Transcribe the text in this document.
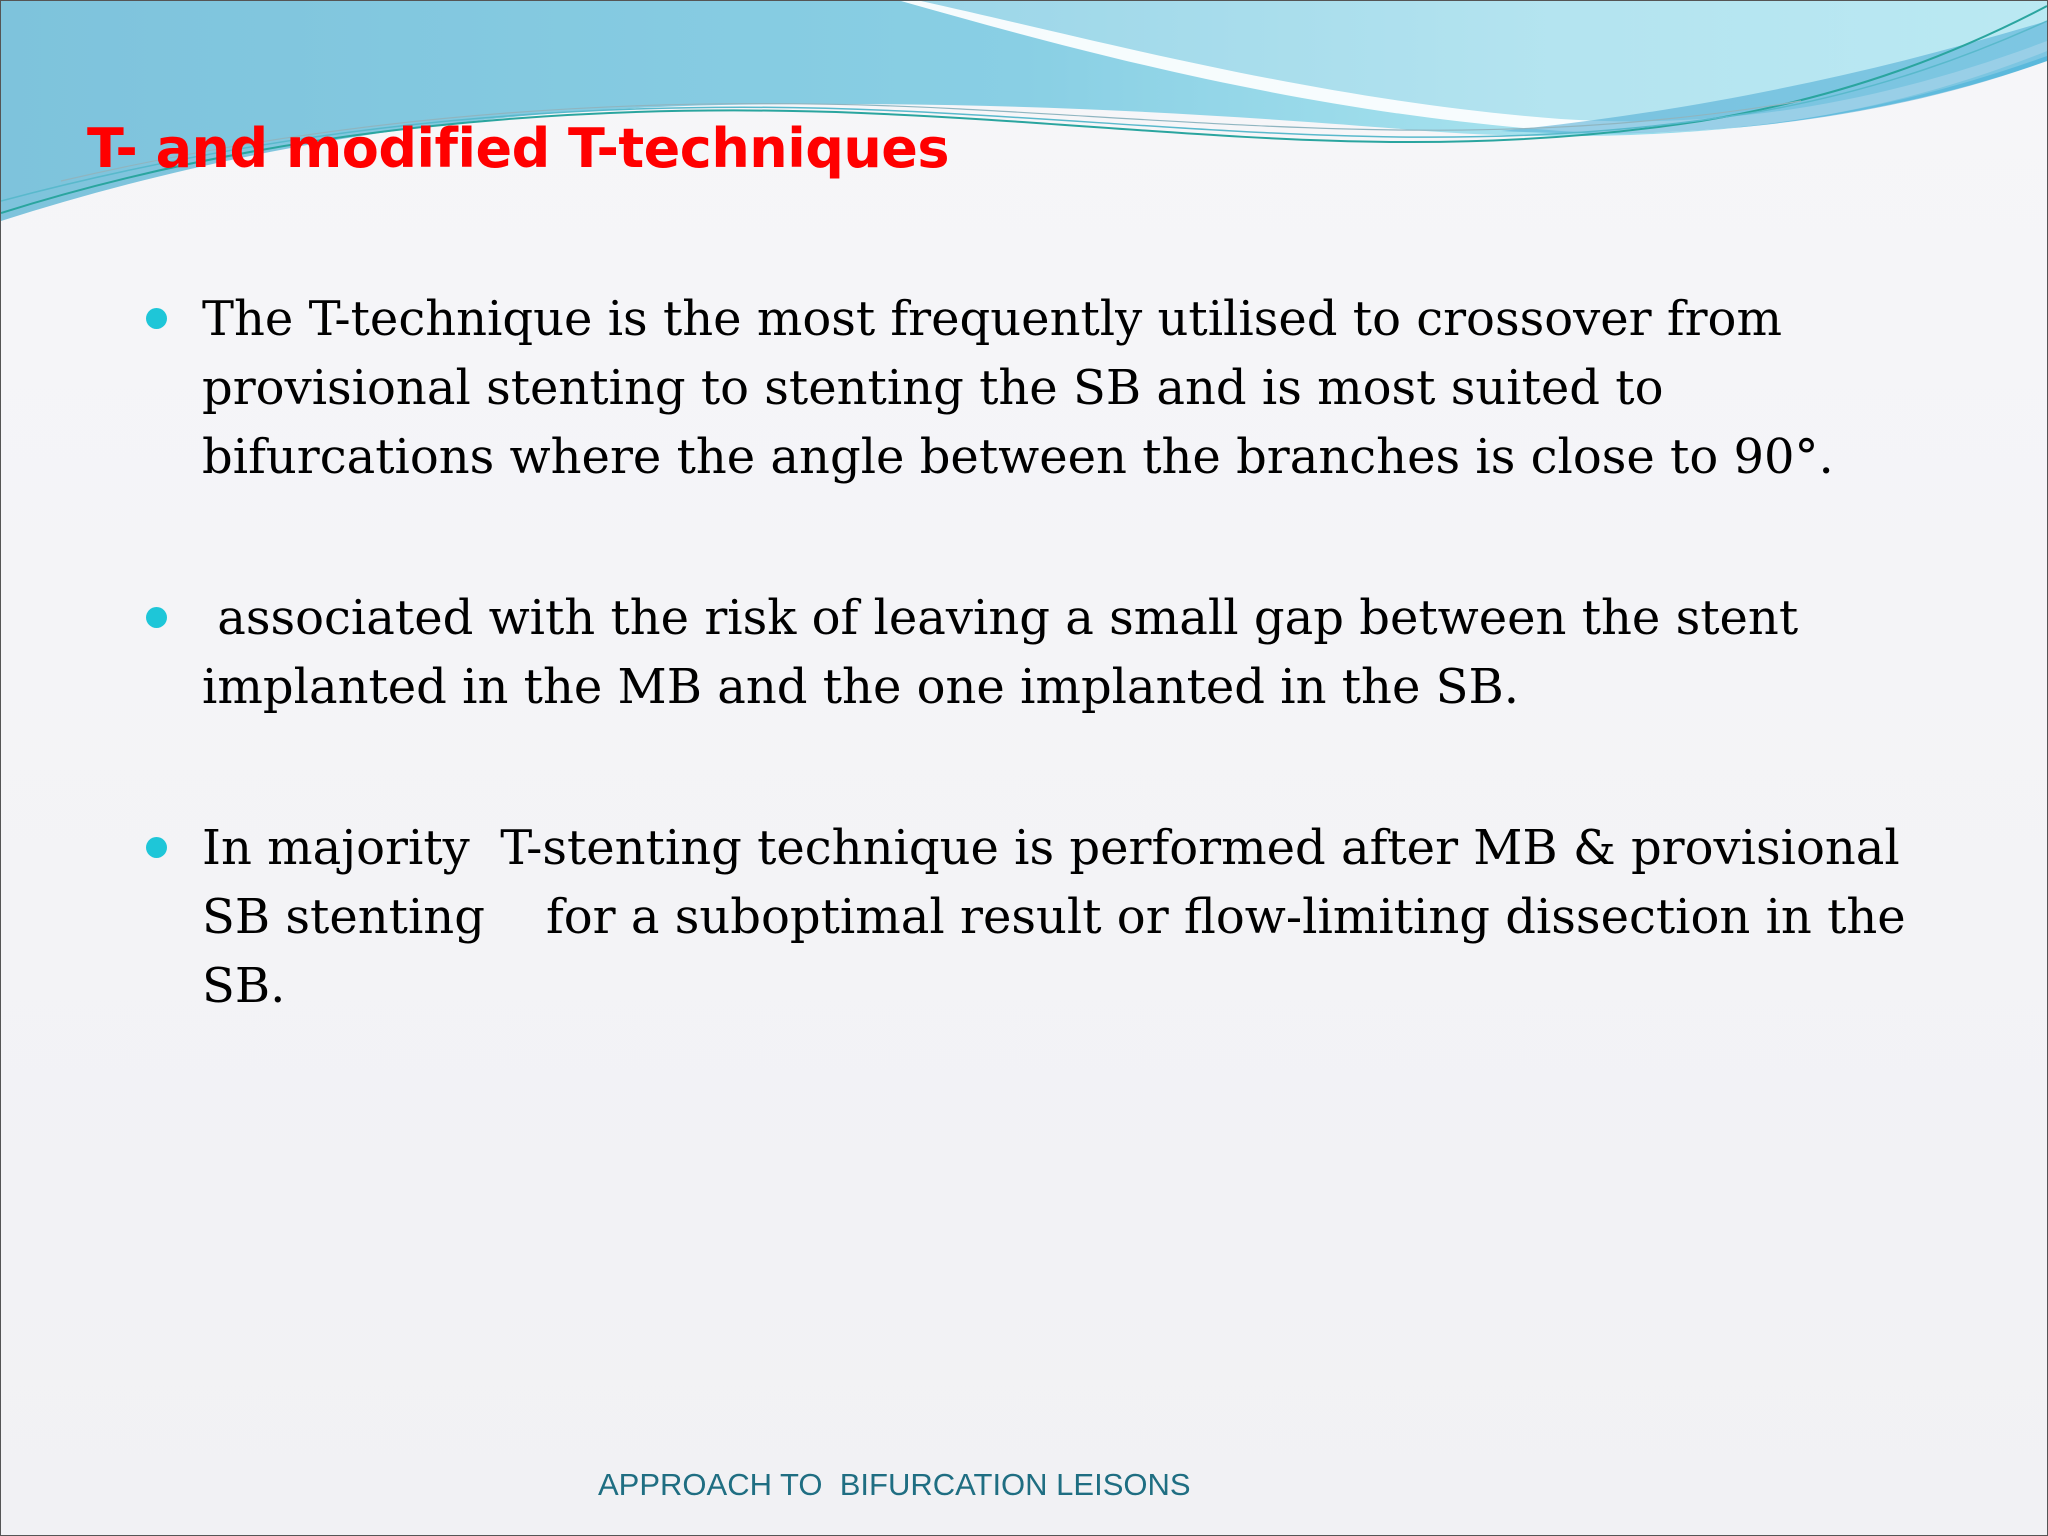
T- and modified T-techniques
The T-technique is the most frequently utilised to crossover from provisional stenting to stenting the SB and is most suited to bifurcations where the angle between the branches is close to 90°.
associated with the risk of leaving a small gap between the stent implanted in the MB and the one implanted in the SB.
In majority  T-stenting technique is performed after MB & provisional SB stenting    for a suboptimal result or flow-limiting dissection in the SB.

APPROACH TO  BIFURCATION LEISONS
